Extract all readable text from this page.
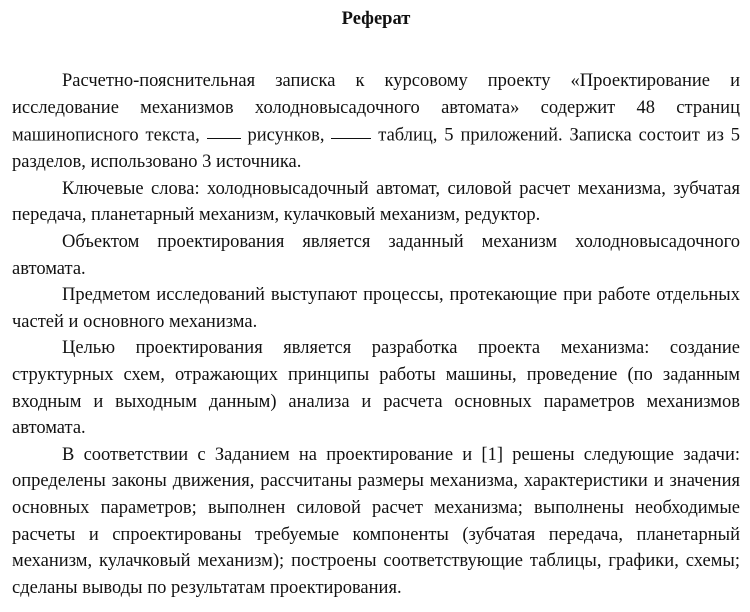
Реферат

Расчетно-пояснительная записка к курсовому проекту «Проектирование и исследование механизмов холодновысадочного автомата» содержит 48 страниц машинописного текста,	рисунков,	таблиц, 5 приложений. Записка состоит из 5 разделов, использовано 3 источника.

Ключевые слова: холодновысадочный автомат, силовой расчет механизма, зубчатая передача, планетарный механизм, кулачковый механизм, редуктор.

Объектом проектирования является заданный механизм холодновысадочного автомата.

Предметом исследований выступают процессы, протекающие при работе отдельных частей и основного механизма.

Целью проектирования является разработка проекта механизма: создание структурных схем, отражающих принципы работы машины, проведение (по заданным входным и выходным данным) анализа и расчета основных параметров механизмов автомата.

В соответствии с Заданием на проектирование и [1] решены следующие задачи: определены законы движения, рассчитаны размеры механизма, характеристики и значения основных параметров; выполнен силовой расчет механизма; выполнены необходимые расчеты и спроектированы требуемые компоненты (зубчатая передача, планетарный механизм, кулачковый механизм); построены соответствующие таблицы, графики, схемы; сделаны выводы по результатам проектирования.
